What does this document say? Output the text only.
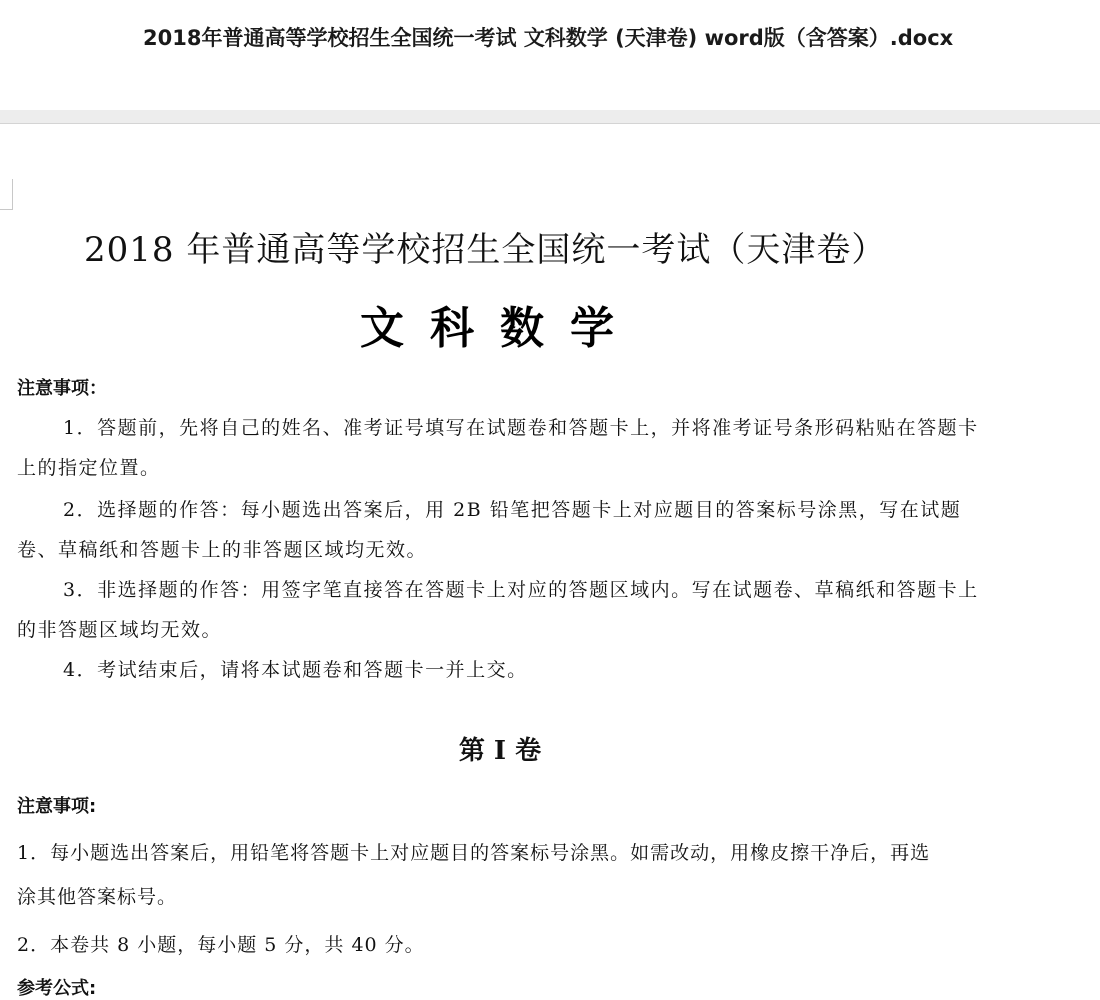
2018年普通高等学校招生全国统一考试 文科数学 (天津卷) word版（含答案）.docx
2018 年普通高等学校招生全国统一考试（天津卷）
文科数学
注意事项：
1．答题前，先将自己的姓名、准考证号填写在试题卷和答题卡上，并将准考证号条形码粘贴在答题卡上的指定位置。
2．选择题的作答：每小题选出答案后，用 2B 铅笔把答题卡上对应题目的答案标号涂黑，写在试题卷、草稿纸和答题卡上的非答题区域均无效。
3．非选择题的作答：用签字笔直接答在答题卡上对应的答题区域内。写在试题卷、草稿纸和答题卡上的非答题区域均无效。
4．考试结束后，请将本试题卷和答题卡一并上交。
第 I 卷
注意事项:
1．每小题选出答案后，用铅笔将答题卡上对应题目的答案标号涂黑。如需改动，用橡皮擦干净后，再选
涂其他答案标号。
2．本卷共 8 小题，每小题 5 分，共 40 分。
参考公式:
